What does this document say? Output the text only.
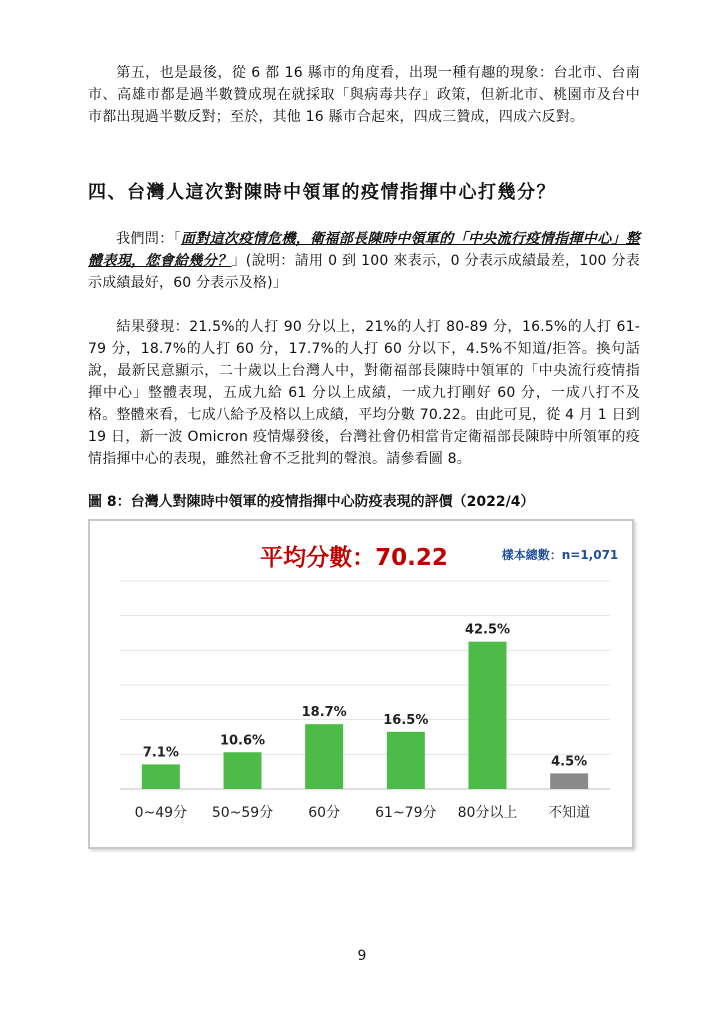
第五，也是最後，從 6 都 16 縣市的角度看，出現一種有趣的現象：台北市、台南市、高雄市都是過半數贊成現在就採取「與病毒共存」政策，但新北市、桃園市及台中市都出現過半數反對；至於，其他 16 縣市合起來，四成三贊成，四成六反對。
四、台灣人這次對陳時中領軍的疫情指揮中心打幾分？
我們問：「面對這次疫情危機，衛福部長陳時中領軍的「中央流行疫情指揮中心」整體表現，您會給幾分？」(說明：請用 0 到 100 來表示，0 分表示成績最差，100 分表示成績最好，60 分表示及格)」
結果發現：21.5%的人打 90 分以上，21%的人打 80-89 分，16.5%的人打 61-79 分，18.7%的人打 60 分，17.7%的人打 60 分以下，4.5%不知道/拒答。換句話說，最新民意顯示，二十歲以上台灣人中，對衛福部長陳時中領軍的「中央流行疫情指揮中心」整體表現，五成九給 61 分以上成績，一成九打剛好 60 分，一成八打不及格。整體來看，七成八給予及格以上成績，平均分數 70.22。由此可見，從 4 月 1 日到 19 日，新一波 Omicron 疫情爆發後，台灣社會仍相當肯定衛福部長陳時中所領軍的疫情指揮中心的表現，雖然社會不乏批判的聲浪。請參看圖 8。
圖 8：台灣人對陳時中領軍的疫情指揮中心防疫表現的評價（2022/4）
7.1%
0~49分
10.6%
50~59分
18.7%
60分
16.5%
61~79分
42.5%
80分以上
4.5%
不知道
平均分數：70.22	樣本總數：n=1,071
9
